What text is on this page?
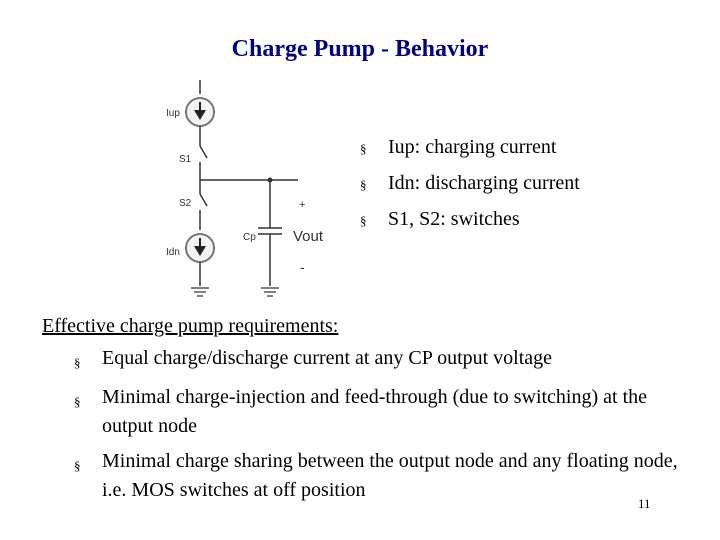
Charge Pump - Behavior
Iup
S1
S2
Idn
Cp
+
Vout
-
§	Iup: charging current
§	Idn: discharging current
§	S1, S2: switches
Effective charge pump requirements:
§	Equal charge/discharge current at any CP output voltage
§	Minimal charge-injection and feed-through (due to switching) at the output node
§	Minimal charge sharing between the output node and any floating node, i.e. MOS switches at off position
11
